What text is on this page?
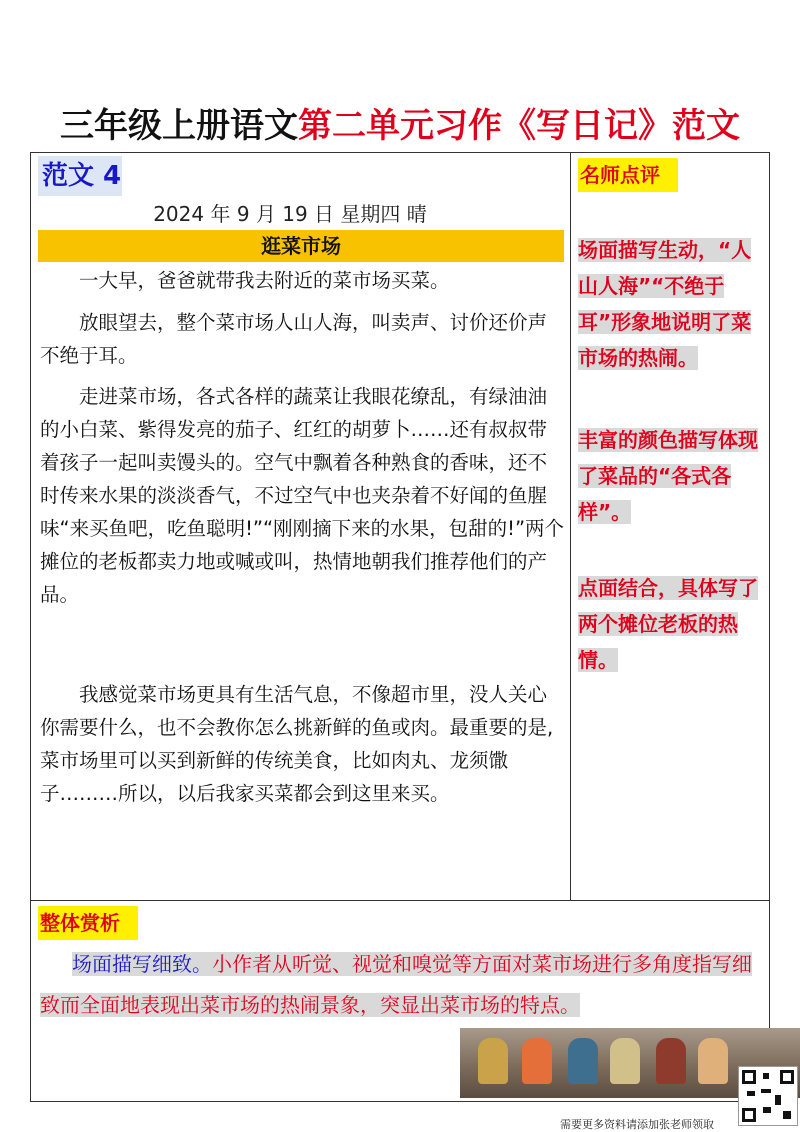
三年级上册语文第二单元习作《写日记》范文
范文 4
2024 年 9 月 19 日 星期四 晴
逛菜市场

一大早，爸爸就带我去附近的菜市场买菜。

放眼望去，整个菜市场人山人海，叫卖声、讨价还价声不绝于耳。

走进菜市场，各式各样的蔬菜让我眼花缭乱，有绿油油的小白菜、紫得发亮的茄子、红红的胡萝卜……还有叔叔带着孩子一起叫卖馒头的。空气中飘着各种熟食的香味，还不时传来水果的淡淡香气，不过空气中也夹杂着不好闻的鱼腥味“来买鱼吧，吃鱼聪明!”“刚刚摘下来的水果，包甜的!”两个摊位的老板都卖力地或喊或叫，热情地朝我们推荐他们的产品。

我感觉菜市场更具有生活气息，不像超市里，没人关心你需要什么，也不会教你怎么挑新鲜的鱼或肉。最重要的是,菜市场里可以买到新鲜的传统美食，比如肉丸、龙须馓子………所以，以后我家买菜都会到这里来买。

名师点评

场面描写生动，“人山人海”“不绝于耳”形象地说明了菜市场的热闹。

丰富的颜色描写体现了菜品的“各式各样”。

点面结合，具体写了两个摊位老板的热情。

整体赏析

场面描写细致。小作者从听觉、视觉和嗅觉等方面对菜市场进行多角度指写细致而全面地表现出菜市场的热闹景象，突显出菜市场的特点。

需要更多资料请添加张老师领取
